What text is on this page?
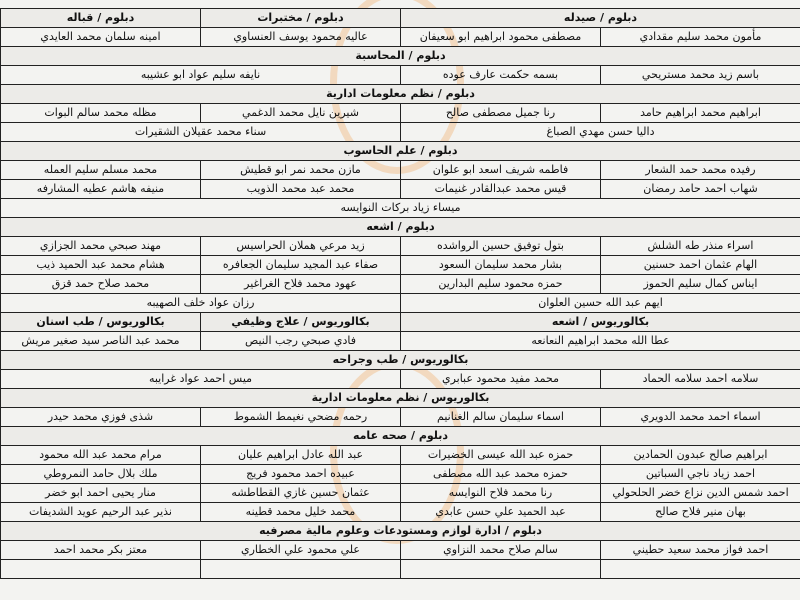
دبلوم / صيدله		دبلوم / مختبرات	دبلوم / قباله
مأمون محمد سليم مقدادي	مصطفى محمود ابراهيم ابو سعيفان	عاليه محمود يوسف العنساوي	امينه سلمان محمد العايدي
دبلوم / المحاسبة			
باسم زيد محمد مستريحي	بسمه حكمت عارف عوده	نايفه سليم عواد ابو عشيبه	
دبلوم / نظم معلومات ادارية			
ابراهيم محمد ابراهيم حامد	رنا جميل مصطفى صالح	شيرين نايل محمد الدغمي	مظله محمد سالم البوات
داليا حسن مهدي الصباغ		سناء محمد عقيلان الشقيرات	
دبلوم / علم الحاسوب			
رفيده محمد حمد الشعار	فاطمه شريف اسعد ابو علوان	مازن محمد نمر ابو قطيش	محمد مسلم سليم العمله
شهاب احمد حامد رمضان	قيس محمد عبدالقادر غنيمات	محمد عبد محمد الذويب	منيفه هاشم عطيه المشارفه
ميساء زياد بركات النوايسه			
دبلوم / اشعه			
اسراء منذر طه الشلش	بتول توفيق حسين الرواشده	زيد مرعي هملان الحراسيس	مهند صبحي محمد الجزازي
الهام عثمان احمد حسنين	بشار محمد سليمان السعود	صفاء عبد المجيد سليمان الجعافره	هشام محمد عبد الحميد ذيب
ايناس كمال سليم الحموز	حمزه محمود سليم البدارين	عهود محمد فلاح الغراغير	محمد صلاح حمد قزق
ايهم عبد الله حسين العلوان		رزان عواد خلف الصهيبه	
بكالوريوس / اشعه		بكالوريوس / علاج وظيفي	بكالوريوس / طب اسنان
عطا الله محمد ابراهيم النعانعه		فادي صبحي رجب النيص	محمد عبد الناصر سيد صغير مريش
بكالوريوس / طب وجراحه			
سلامه احمد سلامه الحماد	محمد مفيد محمود عبابري	ميس احمد عواد غرايبه	
بكالوريوس / نظم معلومات ادارية			
اسماء احمد محمد الدويري	اسماء سليمان سالم الغنانيم	رحمه مضحي نغيمط الشموط	شذى فوزي محمد حيدر
دبلوم / صحه عامه			
ابراهيم صالح عبدون الحمادين	حمزه عبد الله عيسى الخضيرات	عبد الله عادل ابراهيم عليان	مرام محمد عبد الله محمود
احمد زياد ناجي السباتين	حمزه محمد عبد الله مصطفى	عبيده احمد محمود فريج	ملك بلال حامد النمروطي
احمد شمس الدين نزاع خضر الحلحولي	رنا محمد فلاح النوايسه	عثمان حسين غازي القطاطشه	منار يحيى احمد ابو خضر
بهان منير فلاح صالح	عبد الحميد علي حسن عابدي	محمد خليل محمد قطينه	نذير عبد الرحيم عويد الشديفات
دبلوم / ادارة لوازم ومستودعات وعلوم مالية مصرفيه			
احمد فواز محمد سعيد حطيني	سالم صلاح محمد النزاوي	علي محمود علي الخطاري	معتز بكر محمد احمد
